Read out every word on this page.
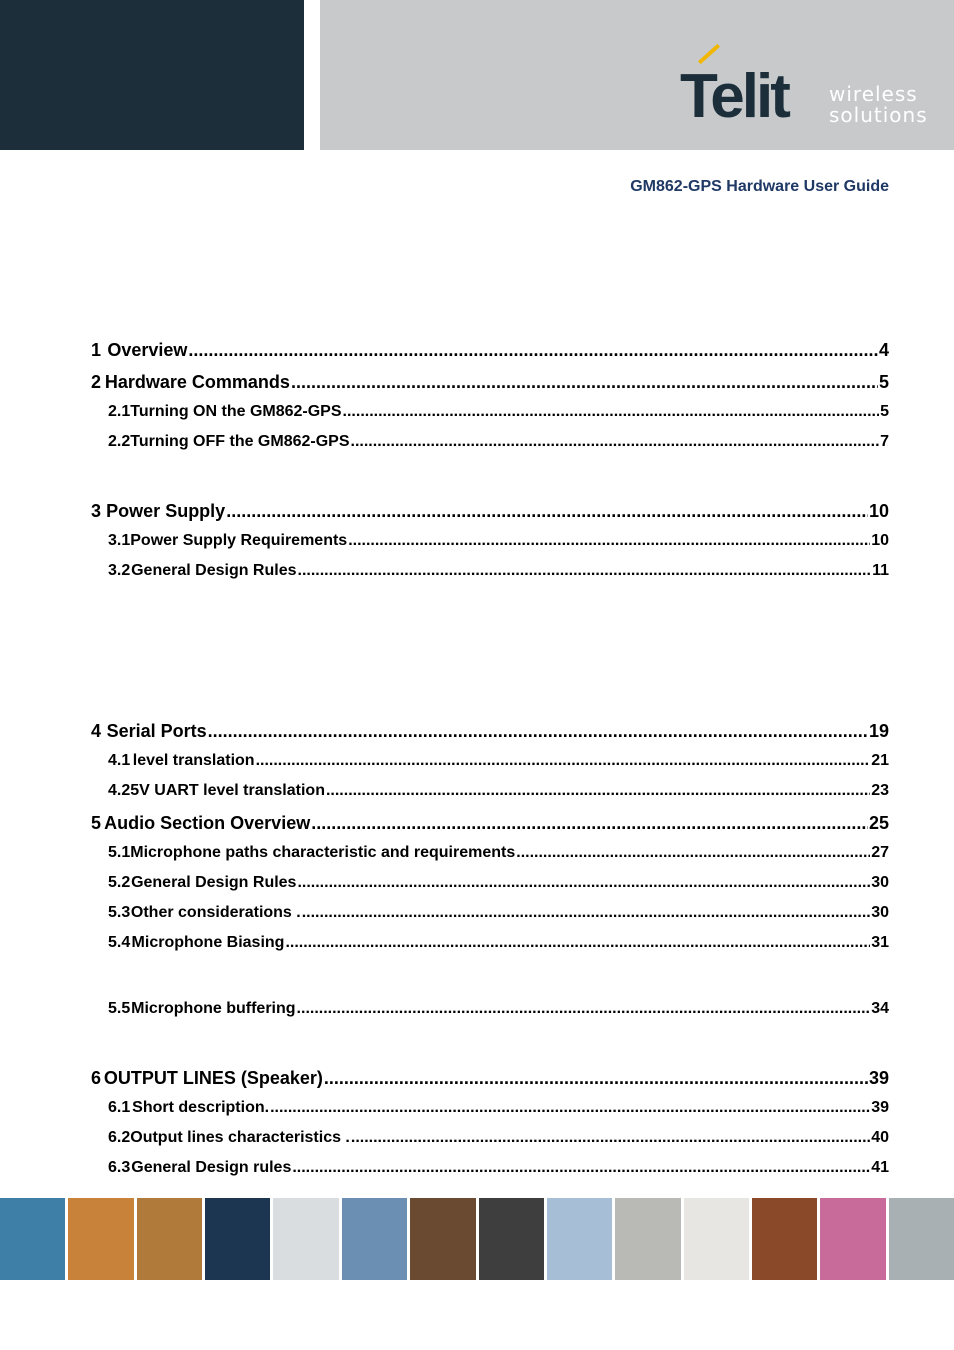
Telit wireless
solutions
GM862-GPS Hardware User Guide
1 Overview .....	4
2 Hardware Commands .....	5
2.1 Turning ON the GM862-GPS .....	5
2.2 Turning OFF the GM862-GPS .....	7
3 Power Supply .....	10
3.1 Power Supply Requirements .....	10
3.2 General Design Rules .....	11
4 Serial Ports .....	19
4.1 level translation .....	21
4.2 5V UART level translation .....	23
5 Audio Section Overview .....	25
5.1 Microphone paths characteristic and requirements .....	27
5.2 General Design Rules .....	30
5.3 Other considerations . .....	30
5.4 Microphone Biasing .....	31
5.5 Microphone buffering .....	34
6 OUTPUT LINES (Speaker) .....	39
6.1 Short description. .....	39
6.2 Output lines characteristics . .....	40
6.3 General Design rules .....	41
